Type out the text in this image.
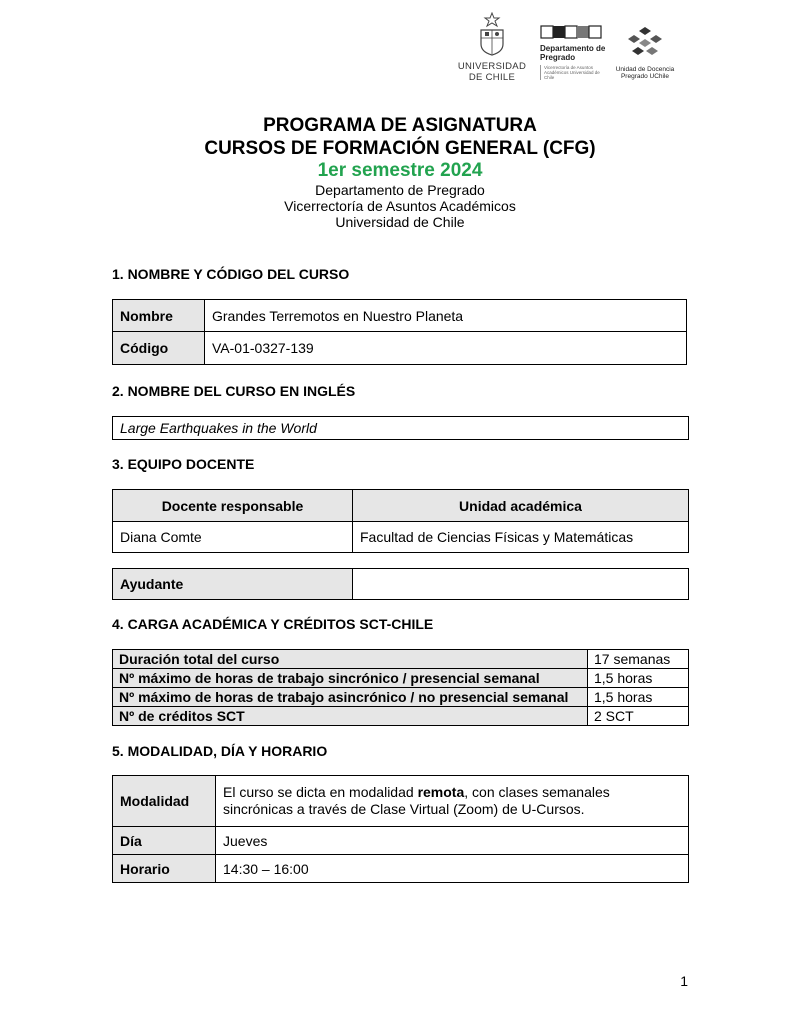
UNIVERSIDAD DE CHILE
Departamento de Pregrado
Vicerrectoría de Asuntos Académicos Universidad de Chile
Unidad de Docencia Pregrado UChile
PROGRAMA DE ASIGNATURA
CURSOS DE FORMACIÓN GENERAL (CFG)
1er semestre 2024
Departamento de Pregrado
Vicerrectoría de Asuntos Académicos
Universidad de Chile
1. NOMBRE Y CÓDIGO DEL CURSO
Nombre	Grandes Terremotos en Nuestro Planeta
Código	VA-01-0327-139
2. NOMBRE DEL CURSO EN INGLÉS
Large Earthquakes in the World
3. EQUIPO DOCENTE
Docente responsable	Unidad académica
Diana Comte	Facultad de Ciencias Físicas y Matemáticas
Ayudante	
4. CARGA ACADÉMICA Y CRÉDITOS SCT-CHILE
Duración total del curso	17 semanas
Nº máximo de horas de trabajo sincrónico / presencial semanal	1,5 horas
Nº máximo de horas de trabajo asincrónico / no presencial semanal	1,5 horas
Nº de créditos SCT	2 SCT
5. MODALIDAD, DÍA Y HORARIO
Modalidad	El curso se dicta en modalidad remota, con clases semanales sincrónicas a través de Clase Virtual (Zoom) de U-Cursos.
Día	Jueves
Horario	14:30 – 16:00
1
